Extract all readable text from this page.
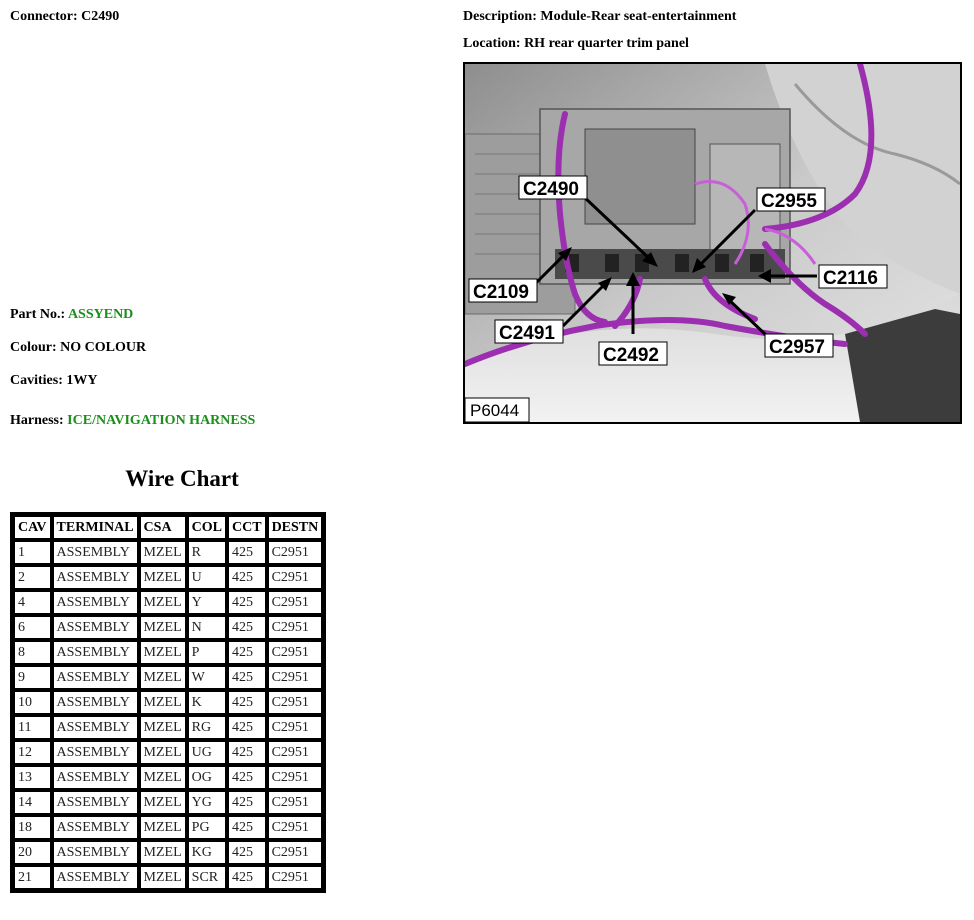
Connector: C2490	Description: Module-Rear seat-entertainment
Location: RH rear quarter trim panel
Part No.: ASSYEND
Colour: NO COLOUR
Cavities: 1WY
Harness: ICE/NAVIGATION HARNESS
C2490
C2955
C2116
C2109
C2491
C2492	C2957
P6044
Wire Chart
CAV	TERMINAL	CSA	COL	CCT	DESTN
1	ASSEMBLY	MZEL	R	425	C2951
2	ASSEMBLY	MZEL	U	425	C2951
4	ASSEMBLY	MZEL	Y	425	C2951
6	ASSEMBLY	MZEL	N	425	C2951
8	ASSEMBLY	MZEL	P	425	C2951
9	ASSEMBLY	MZEL	W	425	C2951
10	ASSEMBLY	MZEL	K	425	C2951
11	ASSEMBLY	MZEL	RG	425	C2951
12	ASSEMBLY	MZEL	UG	425	C2951
13	ASSEMBLY	MZEL	OG	425	C2951
14	ASSEMBLY	MZEL	YG	425	C2951
18	ASSEMBLY	MZEL	PG	425	C2951
20	ASSEMBLY	MZEL	KG	425	C2951
21	ASSEMBLY	MZEL	SCR	425	C2951
